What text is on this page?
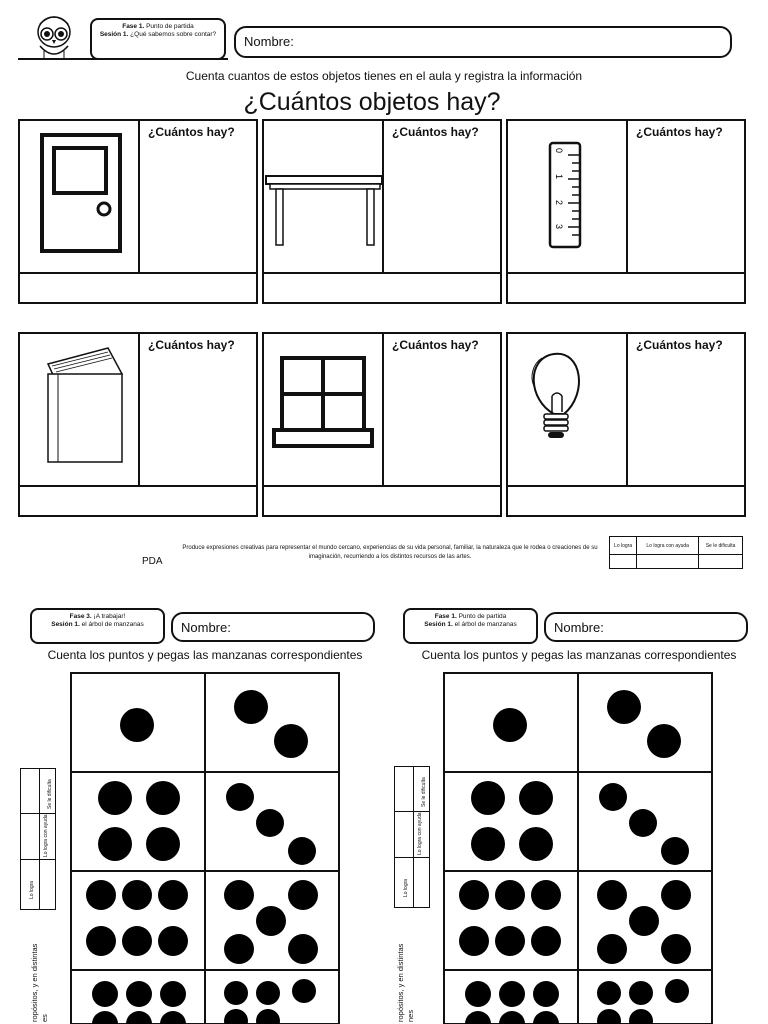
Fase 1. Punto de partida
Sesión 1. ¿Qué sabemos sobre contar?	Nombre:
Cuenta cuantos de estos objetos tienes en el aula y registra la información
¿Cuántos objetos hay?
¿Cuántos hay?	¿Cuántos hay?	¿Cuántos hay?
0
1
2
3
¿Cuántos hay?	¿Cuántos hay?	¿Cuántos hay?
PDA
Produce expresiones creativas para representar el mundo cercano, experiencias de su vida personal, familiar, la naturaleza que le rodea o creaciones de su imaginación, recurriendo a los distintos recursos de las artes.
Lo logra	Lo logra con ayuda	Se le dificulta

Fase 3. ¡A trabajar!
Sesión 1. el árbol de manzanas	Nombre:
Cuenta los puntos y pegas las manzanas correspondientes
Se le dificulta
Lo logra con ayuda
Lo logra
ropósitos, y en distintas es
Fase 1. Punto de partida
Sesión 1. el árbol de manzanas	Nombre:
Cuenta los puntos y pegas las manzanas correspondientes
Se le dificulta
Lo logra con ayuda
Lo logra
ropósitos, y en distintas nes
